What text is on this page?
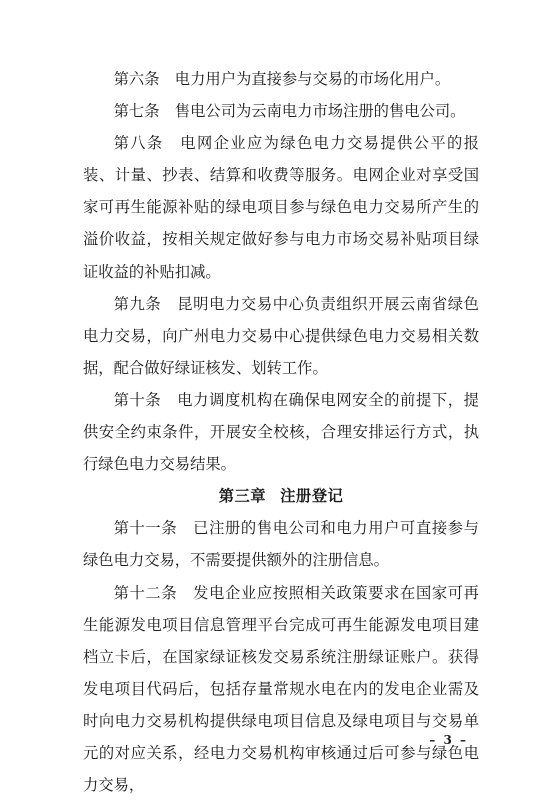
第六条  电力用户为直接参与交易的市场化用户。

第七条  售电公司为云南电力市场注册的售电公司。

第八条  电网企业应为绿色电力交易提供公平的报装、计量、抄表、结算和收费等服务。电网企业对享受国家可再生能源补贴的绿电项目参与绿色电力交易所产生的溢价收益，按相关规定做好参与电力市场交易补贴项目绿证收益的补贴扣减。

第九条  昆明电力交易中心负责组织开展云南省绿色电力交易，向广州电力交易中心提供绿色电力交易相关数据，配合做好绿证核发、划转工作。

第十条  电力调度机构在确保电网安全的前提下，提供安全约束条件，开展安全校核，合理安排运行方式，执行绿色电力交易结果。

第三章 注册登记

第十一条  已注册的售电公司和电力用户可直接参与绿色电力交易，不需要提供额外的注册信息。

第十二条  发电企业应按照相关政策要求在国家可再生能源发电项目信息管理平台完成可再生能源发电项目建档立卡后，在国家绿证核发交易系统注册绿证账户。获得发电项目代码后，包括存量常规水电在内的发电企业需及时向电力交易机构提供绿电项目信息及绿电项目与交易单元的对应关系，经电力交易机构审核通过后可参与绿色电力交易，

– 3 –
